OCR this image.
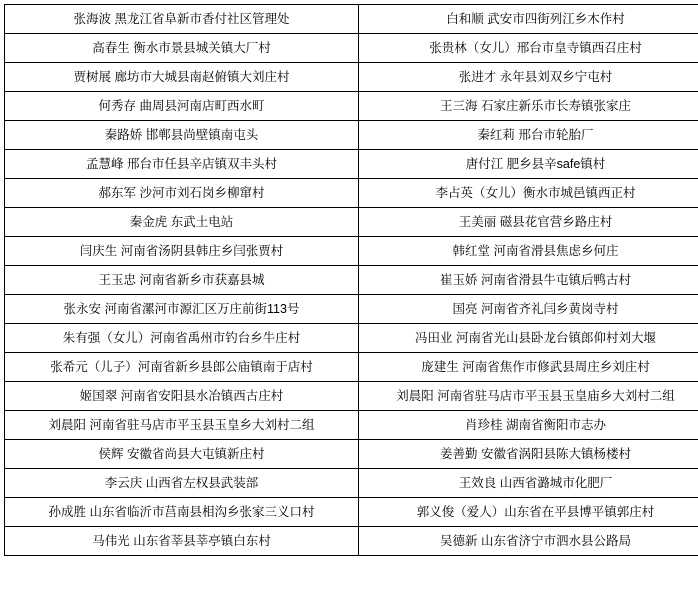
张海波 黑龙江省阜新市香付社区管理处	白和顺 武安市四街列江乡木作村
高春生 衡水市景县城关镇大厂村	张贵林（女儿）邢台市皇寺镇西召庄村
贾树展 廊坊市大城县南赵俯镇大刘庄村	张进才 永年县刘双乡宁屯村
何秀存 曲周县河南店町西水町	王三海 石家庄新乐市长寿镇张家庄
秦路娇 邯郸县尚壁镇南屯头	秦红莉 邢台市轮胎厂
孟慧峰 邢台市任县辛店镇双丰头村	唐付江 肥乡县辛safe镇村
郝东军 沙河市刘石岗乡柳窜村	李占英（女儿）衡水市城邑镇西正村
秦金虎 东武土电站	王美丽 磁县花官营乡路庄村
闫庆生 河南省汤阴县韩庄乡闫张贾村	韩红堂 河南省滑县焦虑乡何庄
王玉忠 河南省新乡市获嘉县城	崔玉娇 河南省滑县牛屯镇后鸭古村
张永安 河南省漯河市源汇区万庄前街113号	国亮 河南省齐礼闫乡黄岗寺村
朱有强（女儿）河南省禹州市钓台乡牛庄村	冯田业 河南省光山县卧龙台镇郎仰村刘大堰
张希元（儿子）河南省新乡县郎公庙镇南于店村	庞建生 河南省焦作市修武县周庄乡刘庄村
姬国翠 河南省安阳县水冶镇西古庄村	刘晨阳 河南省驻马店市平玉县玉皇庙乡大刘村二组
刘晨阳 河南省驻马店市平玉县玉皇乡大刘村二组	肖珍桂 湖南省衡阳市志办
侯辉 安徽省尚县大屯镇新庄村	姜善勤 安徽省涡阳县陈大镇杨楼村
李云庆 山西省左权县武装部	王效良 山西省潞城市化肥厂
孙成胜 山东省临沂市莒南县相沟乡张家三义口村	郭义俊（爱人）山东省在平县博平镇郭庄村
马伟光 山东省莘县莘亭镇白东村	吴德新 山东省济宁市泗水县公路局
